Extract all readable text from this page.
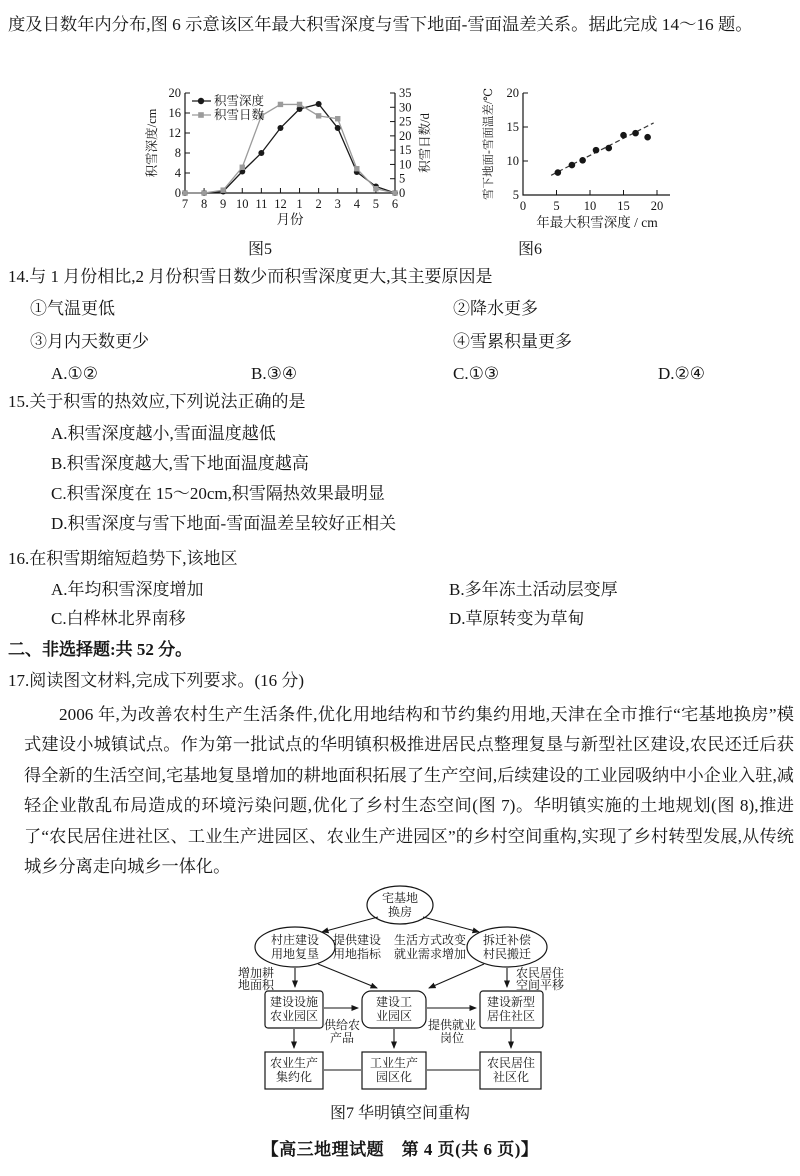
度及日数年内分布,图 6 示意该区年最大积雪深度与雪下地面-雪面温差关系。据此完成 14～16 题。
0
4
8
12
16
20
0
5
10
15
20
25
30
35
7 8 9 10 11 12 1 2 3 4 5 6
月份
积雪深度/cm	积雪日数/d
积雪深度
积雪日数
5
10
15
20
0 5 10 15 20
年最大积雪深度 / cm
雪下地面-雪面温差/℃
图5	图6
14.与 1 月份相比,2 月份积雪日数少而积雪深度更大,其主要原因是
①气温更低	②降水更多
③月内天数更少	④雪累积量更多
A.①②	B.③④	C.①③	D.②④
15.关于积雪的热效应,下列说法正确的是
A.积雪深度越小,雪面温度越低
B.积雪深度越大,雪下地面温度越高
C.积雪深度在 15～20cm,积雪隔热效果最明显
D.积雪深度与雪下地面-雪面温差呈较好正相关
16.在积雪期缩短趋势下,该地区
A.年均积雪深度增加	B.多年冻土活动层变厚
C.白桦林北界南移	D.草原转变为草甸
二、非选择题:共 52 分。
17.阅读图文材料,完成下列要求。(16 分)
2006 年,为改善农村生产生活条件,优化用地结构和节约集约用地,天津在全市推行“宅基地换房”模式建设小城镇试点。作为第一批试点的华明镇积极推进居民点整理复垦与新型社区建设,农民还迁后获得全新的生活空间,宅基地复垦增加的耕地面积拓展了生产空间,后续建设的工业园吸纳中小企业入驻,减轻企业散乱布局造成的环境污染问题,优化了乡村生态空间(图 7)。华明镇实施的土地规划(图 8),推进了“农民居住进社区、工业生产进园区、农业生产进园区”的乡村空间重构,实现了乡村转型发展,从传统城乡分离走向城乡一体化。
宅基地
换房
村庄建设
用地复垦
拆迁补偿
村民搬迁
提供建设
用地指标
生活方式改变
就业需求增加
增加耕
地面积
农民居住
空间平移
供给农
产品
提供就业
岗位
建设设施
农业园区
建设工
业园区
建设新型
居住社区
农业生产
集约化
工业生产
园区化
农民居住
社区化
图7 华明镇空间重构
【高三地理试题　第 4 页(共 6 页)】
